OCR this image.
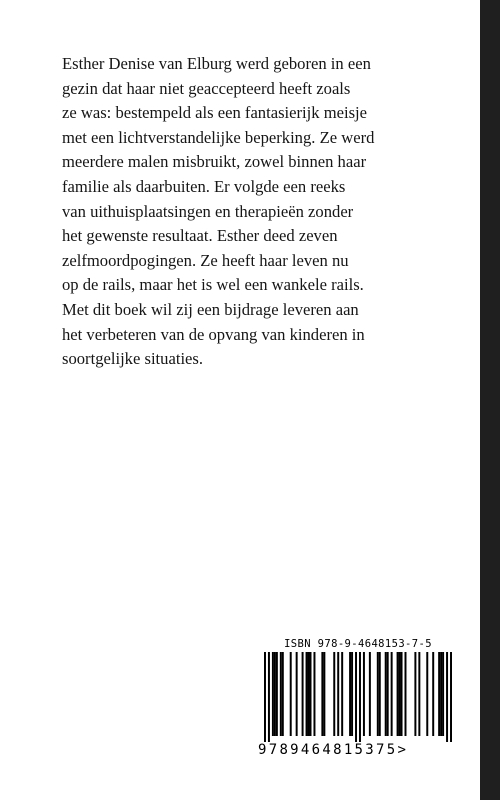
Esther Denise van Elburg werd geboren in een
gezin dat haar niet geaccepteerd heeft zoals
ze was: bestempeld als een fantasierijk meisje
met een lichtverstandelijke beperking. Ze werd
meerdere malen misbruikt, zowel binnen haar
familie als daarbuiten. Er volgde een reeks
van uithuisplaatsingen en therapieën zonder
het gewenste resultaat. Esther deed zeven
zelfmoordpogingen. Ze heeft haar leven nu
op de rails, maar het is wel een wankele rails.
Met dit boek wil zij een bijdrage leveren aan
het verbeteren van de opvang van kinderen in
soortgelijke situaties.

ISBN 978-9-4648153-7-5
9789464815375>
